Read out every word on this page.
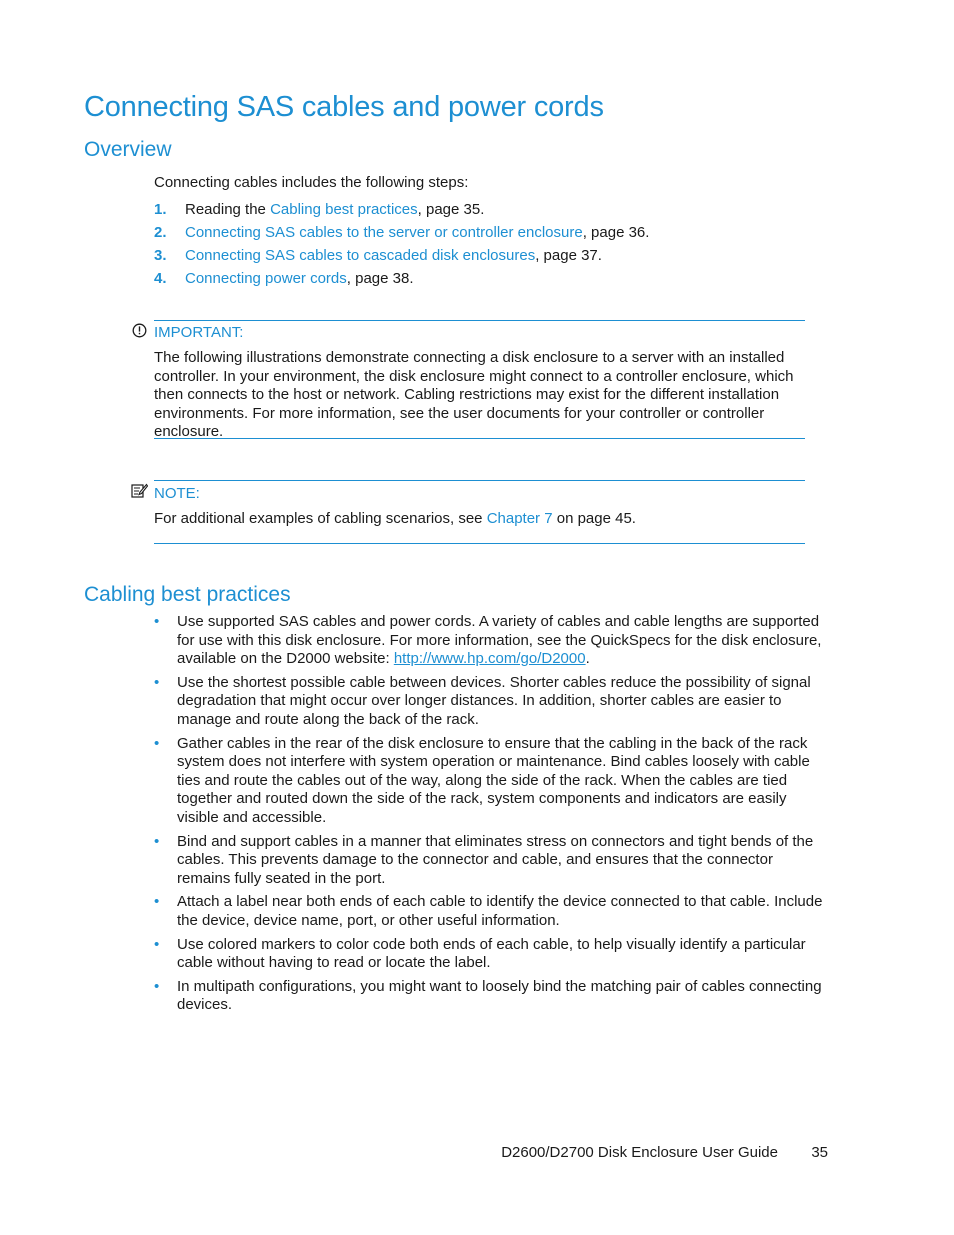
Connecting SAS cables and power cords
Overview
Connecting cables includes the following steps:
1. Reading the Cabling best practices, page 35.
2. Connecting SAS cables to the server or controller enclosure, page 36.
3. Connecting SAS cables to cascaded disk enclosures, page 37.
4. Connecting power cords, page 38.
IMPORTANT:
The following illustrations demonstrate connecting a disk enclosure to a server with an installed controller. In your environment, the disk enclosure might connect to a controller enclosure, which then connects to the host or network. Cabling restrictions may exist for the different installation environments. For more information, see the user documents for your controller or controller enclosure.
NOTE:
For additional examples of cabling scenarios, see Chapter 7 on page 45.
Cabling best practices
• Use supported SAS cables and power cords. A variety of cables and cable lengths are supported for use with this disk enclosure. For more information, see the QuickSpecs for the disk enclosure, available on the D2000 website: http://www.hp.com/go/D2000.
• Use the shortest possible cable between devices. Shorter cables reduce the possibility of signal degradation that might occur over longer distances. In addition, shorter cables are easier to manage and route along the back of the rack.
• Gather cables in the rear of the disk enclosure to ensure that the cabling in the back of the rack system does not interfere with system operation or maintenance. Bind cables loosely with cable ties and route the cables out of the way, along the side of the rack. When the cables are tied together and routed down the side of the rack, system components and indicators are easily visible and accessible.
• Bind and support cables in a manner that eliminates stress on connectors and tight bends of the cables. This prevents damage to the connector and cable, and ensures that the connector remains fully seated in the port.
• Attach a label near both ends of each cable to identify the device connected to that cable. Include the device, device name, port, or other useful information.
• Use colored markers to color code both ends of each cable, to help visually identify a particular cable without having to read or locate the label.
• In multipath configurations, you might want to loosely bind the matching pair of cables connecting devices.
D2600/D2700 Disk Enclosure User Guide 35
